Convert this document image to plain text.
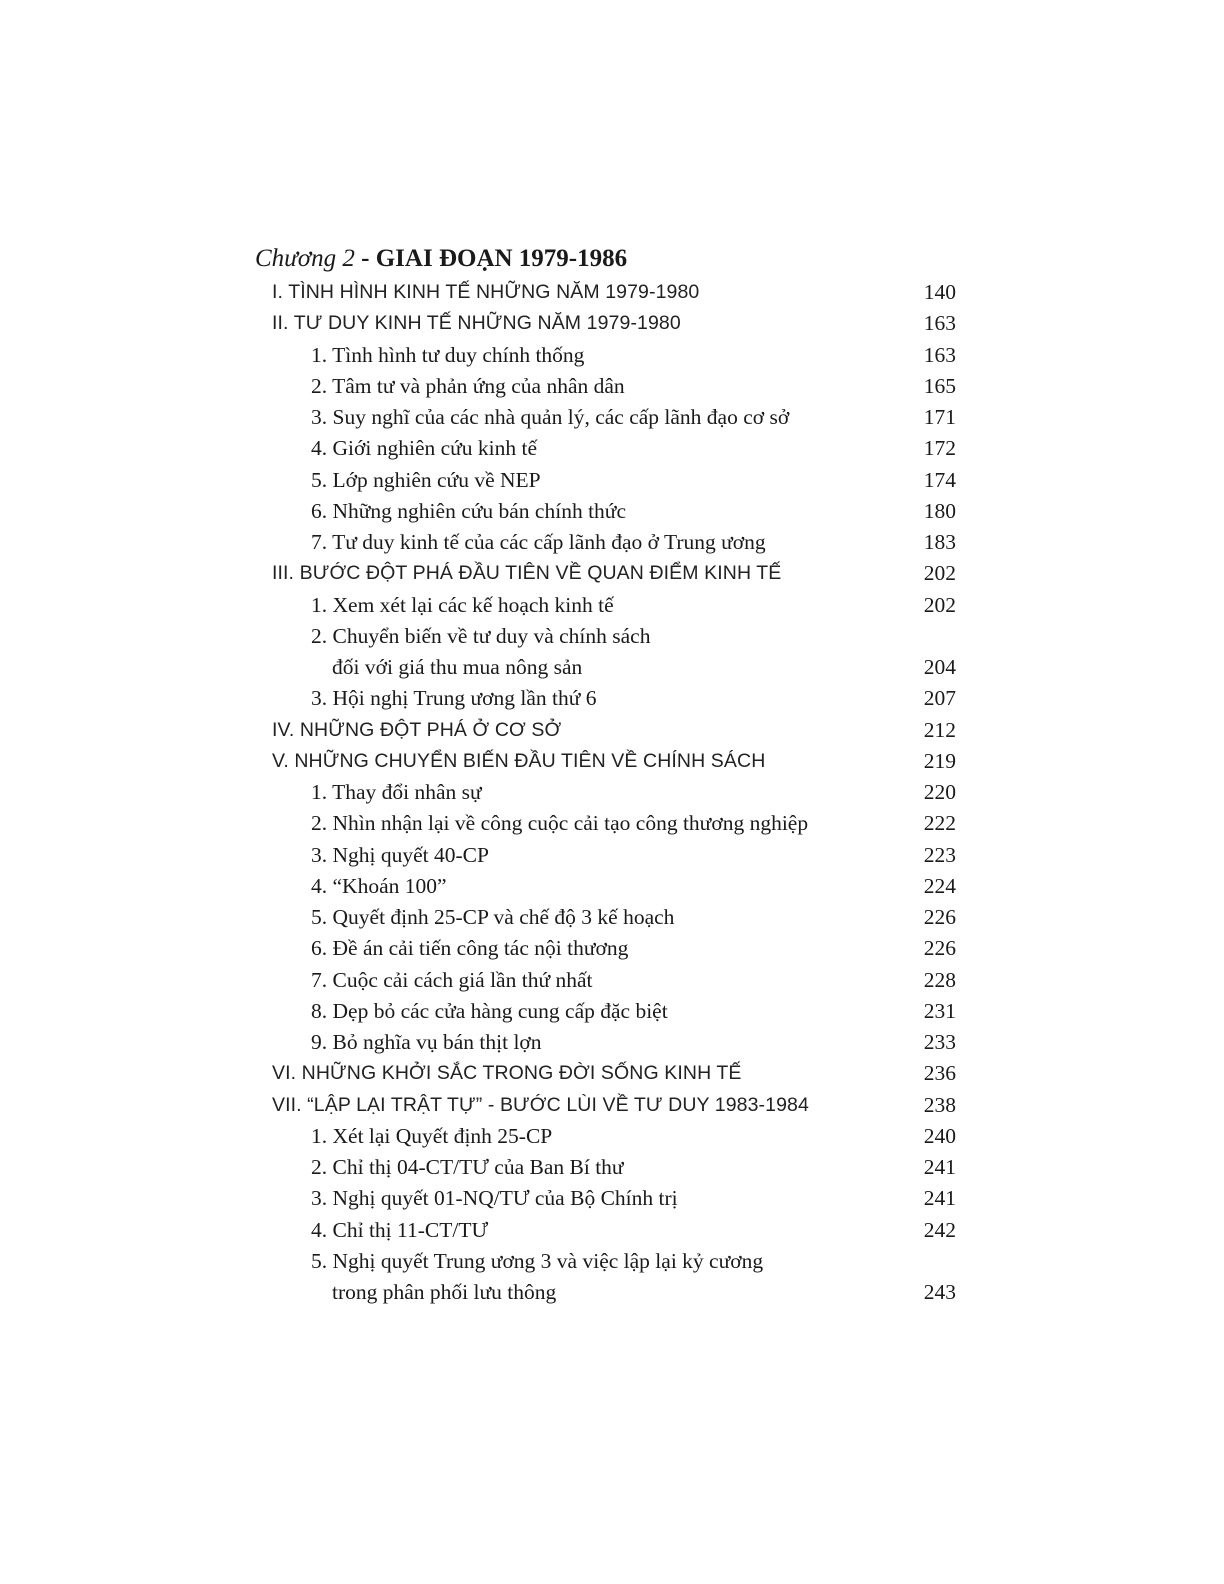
Chương 2 - GIAI ĐOẠN 1979-1986
I. TÌNH HÌNH KINH TẾ NHỮNG NĂM 1979-1980	140
II. TƯ DUY KINH TẾ NHỮNG NĂM 1979-1980	163
1. Tình hình tư duy chính thống	163
2. Tâm tư và phản ứng của nhân dân	165
3. Suy nghĩ của các nhà quản lý, các cấp lãnh đạo cơ sở	171
4. Giới nghiên cứu kinh tế	172
5. Lớp nghiên cứu về NEP	174
6. Những nghiên cứu bán chính thức	180
7. Tư duy kinh tế của các cấp lãnh đạo ở Trung ương	183
III. BƯỚC ĐỘT PHÁ ĐẦU TIÊN VỀ QUAN ĐIỂM KINH TẾ	202
1. Xem xét lại các kế hoạch kinh tế	202
2. Chuyển biến về tư duy và chính sách
đối với giá thu mua nông sản	204
3. Hội nghị Trung ương lần thứ 6	207
IV. NHỮNG ĐỘT PHÁ Ở CƠ SỞ	212
V. NHỮNG CHUYỂN BIẾN ĐẦU TIÊN VỀ CHÍNH SÁCH	219
1. Thay đổi nhân sự	220
2. Nhìn nhận lại về công cuộc cải tạo công thương nghiệp	222
3. Nghị quyết 40-CP	223
4. “Khoán 100”	224
5. Quyết định 25-CP và chế độ 3 kế hoạch	226
6. Đề án cải tiến công tác nội thương	226
7. Cuộc cải cách giá lần thứ nhất	228
8. Dẹp bỏ các cửa hàng cung cấp đặc biệt	231
9. Bỏ nghĩa vụ bán thịt lợn	233
VI. NHỮNG KHỞI SẮC TRONG ĐỜI SỐNG KINH TẾ	236
VII. “LẬP LẠI TRẬT TỰ” - BƯỚC LÙI VỀ TƯ DUY 1983-1984	238
1. Xét lại Quyết định 25-CP	240
2. Chỉ thị 04-CT/TƯ của Ban Bí thư	241
3. Nghị quyết 01-NQ/TƯ của Bộ Chính trị	241
4. Chỉ thị 11-CT/TƯ	242
5. Nghị quyết Trung ương 3 và việc lập lại kỷ cương
trong phân phối lưu thông	243
